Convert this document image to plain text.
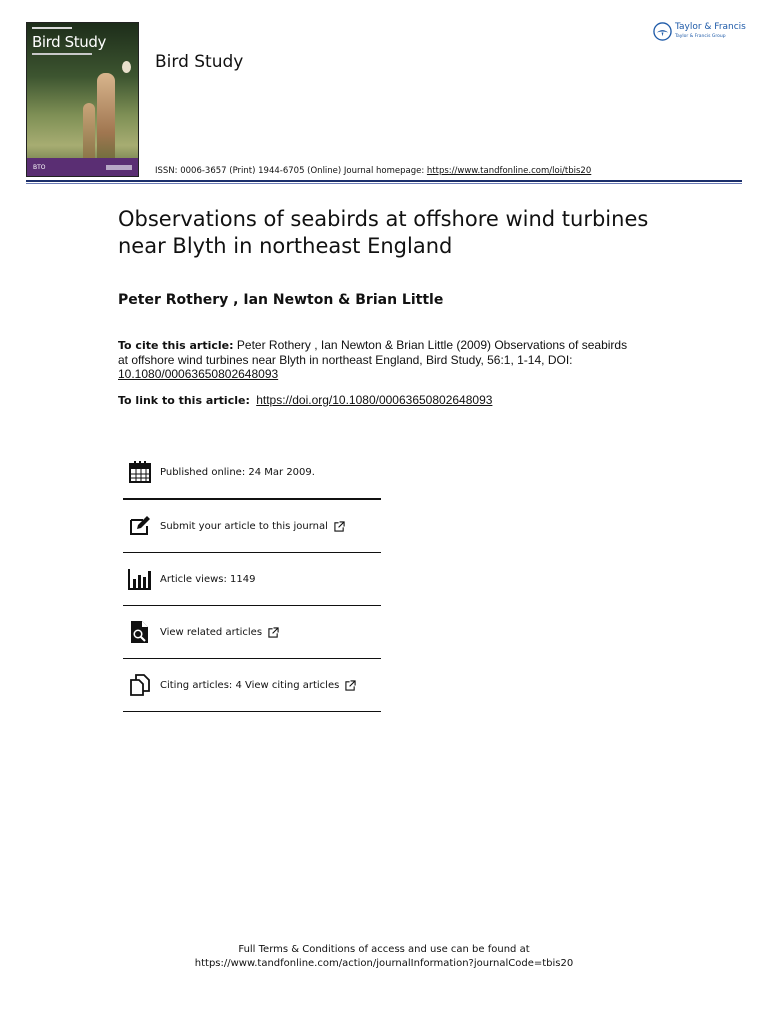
Bird Study
BTO
Bird Study
ISSN: 0006-3657 (Print) 1944-6705 (Online) Journal homepage: https://www.tandfonline.com/loi/tbis20
Taylor & Francis
Taylor & Francis Group
Observations of seabirds at offshore wind turbines near Blyth in northeast England
Peter Rothery , Ian Newton & Brian Little
To cite this article: Peter Rothery , Ian Newton & Brian Little (2009) Observations of seabirds at offshore wind turbines near Blyth in northeast England, Bird Study, 56:1, 1-14, DOI:
10.1080/00063650802648093
To link to this article: https://doi.org/10.1080/00063650802648093
Published online: 24 Mar 2009.
Submit your article to this journal
Article views: 1149
View related articles
Citing articles: 4 View citing articles
Full Terms & Conditions of access and use can be found at
https://www.tandfonline.com/action/journalInformation?journalCode=tbis20
